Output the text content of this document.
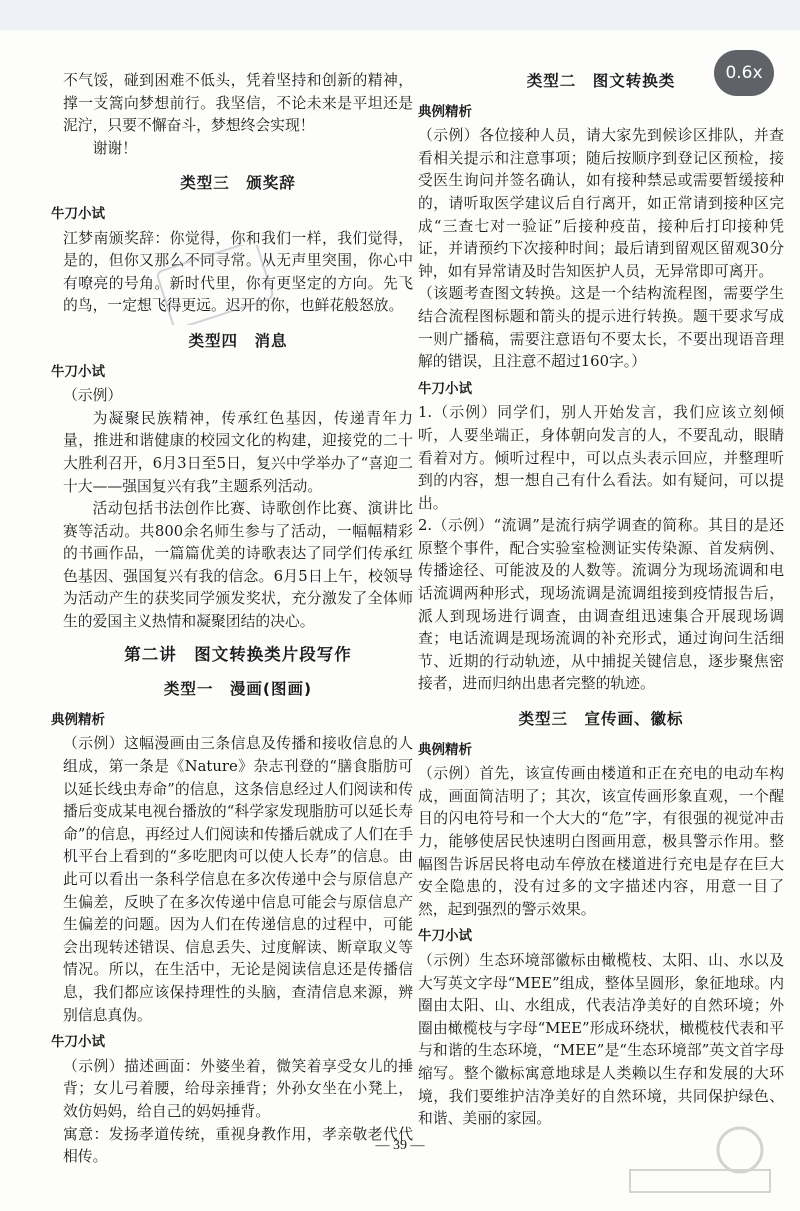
0.6x

不气馁，碰到困难不低头，凭着坚持和创新的精神，撑一支篙向梦想前行。我坚信，不论未来是平坦还是泥泞，只要不懈奋斗，梦想终会实现！

谢谢！

类型三　颁奖辞
牛刀小试

江梦南颁奖辞：你觉得，你和我们一样，我们觉得，是的，但你又那么不同寻常。从无声里突围，你心中有嘹亮的号角。新时代里，你有更坚定的方向。先飞的鸟，一定想飞得更远。迟开的你，也鲜花般怒放。

类型四　消息
牛刀小试

（示例）

为凝聚民族精神，传承红色基因，传递青年力量，推进和谐健康的校园文化的构建，迎接党的二十大胜利召开，6月3日至5日，复兴中学举办了“喜迎二十大——强国复兴有我”主题系列活动。

活动包括书法创作比赛、诗歌创作比赛、演讲比赛等活动。共800余名师生参与了活动，一幅幅精彩的书画作品，一篇篇优美的诗歌表达了同学们传承红色基因、强国复兴有我的信念。6月5日上午，校领导为活动产生的获奖同学颁发奖状，充分激发了全体师生的爱国主义热情和凝聚团结的决心。

第二讲　图文转换类片段写作
类型一　漫画(图画)
典例精析

（示例）这幅漫画由三条信息及传播和接收信息的人组成，第一条是《Nature》杂志刊登的“膳食脂肪可以延长线虫寿命”的信息，这条信息经过人们阅读和传播后变成某电视台播放的“科学家发现脂肪可以延长寿命”的信息，再经过人们阅读和传播后就成了人们在手机平台上看到的“多吃肥肉可以使人长寿”的信息。由此可以看出一条科学信息在多次传递中会与原信息产生偏差，反映了在多次传递中信息可能会与原信息产生偏差的问题。因为人们在传递信息的过程中，可能会出现转述错误、信息丢失、过度解读、断章取义等情况。所以，在生活中，无论是阅读信息还是传播信息，我们都应该保持理性的头脑，查清信息来源，辨别信息真伪。

牛刀小试

（示例）描述画面：外婆坐着，微笑着享受女儿的捶背；女儿弓着腰，给母亲捶背；外孙女坐在小凳上，效仿妈妈，给自己的妈妈捶背。

寓意：发扬孝道传统，重视身教作用，孝亲敬老代代相传。

类型二　图文转换类
典例精析

（示例）各位接种人员，请大家先到候诊区排队，并查看相关提示和注意事项；随后按顺序到登记区预检，接受医生询问并签名确认，如有接种禁忌或需要暂缓接种的，请听取医学建议后自行离开，如正常请到接种区完成“三查七对一验证”后接种疫苗，接种后打印接种凭证，并请预约下次接种时间；最后请到留观区留观30分钟，如有异常请及时告知医护人员，无异常即可离开。

（该题考查图文转换。这是一个结构流程图，需要学生结合流程图标题和箭头的提示进行转换。题干要求写成一则广播稿，需要注意语句不要太长，不要出现语音理解的错误，且注意不超过160字。）

牛刀小试

1.（示例）同学们，别人开始发言，我们应该立刻倾听，人要坐端正，身体朝向发言的人，不要乱动，眼睛看着对方。倾听过程中，可以点头表示回应，并整理听到的内容，想一想自己有什么看法。如有疑问，可以提出。

2.（示例）“流调”是流行病学调查的简称。其目的是还原整个事件，配合实验室检测证实传染源、首发病例、传播途径、可能波及的人数等。流调分为现场流调和电话流调两种形式，现场流调是流调组接到疫情报告后，派人到现场进行调查，由调查组迅速集合开展现场调查；电话流调是现场流调的补充形式，通过询问生活细节、近期的行动轨迹，从中捕捉关键信息，逐步聚焦密接者，进而归纳出患者完整的轨迹。

类型三　宣传画、徽标
典例精析

（示例）首先，该宣传画由楼道和正在充电的电动车构成，画面简洁明了；其次，该宣传画形象直观，一个醒目的闪电符号和一个大大的“危”字，有很强的视觉冲击力，能够使居民快速明白图画用意，极具警示作用。整幅图告诉居民将电动车停放在楼道进行充电是存在巨大安全隐患的，没有过多的文字描述内容，用意一目了然，起到强烈的警示效果。

牛刀小试

（示例）生态环境部徽标由橄榄枝、太阳、山、水以及大写英文字母“MEE”组成，整体呈圆形，象征地球。内圈由太阳、山、水组成，代表洁净美好的自然环境；外圈由橄榄枝与字母“MEE”形成环绕状，橄榄枝代表和平与和谐的生态环境，“MEE”是“生态环境部”英文首字母缩写。整个徽标寓意地球是人类赖以生存和发展的大环境，我们要维护洁净美好的自然环境，共同保护绿色、和谐、美丽的家园。

— 39 —
